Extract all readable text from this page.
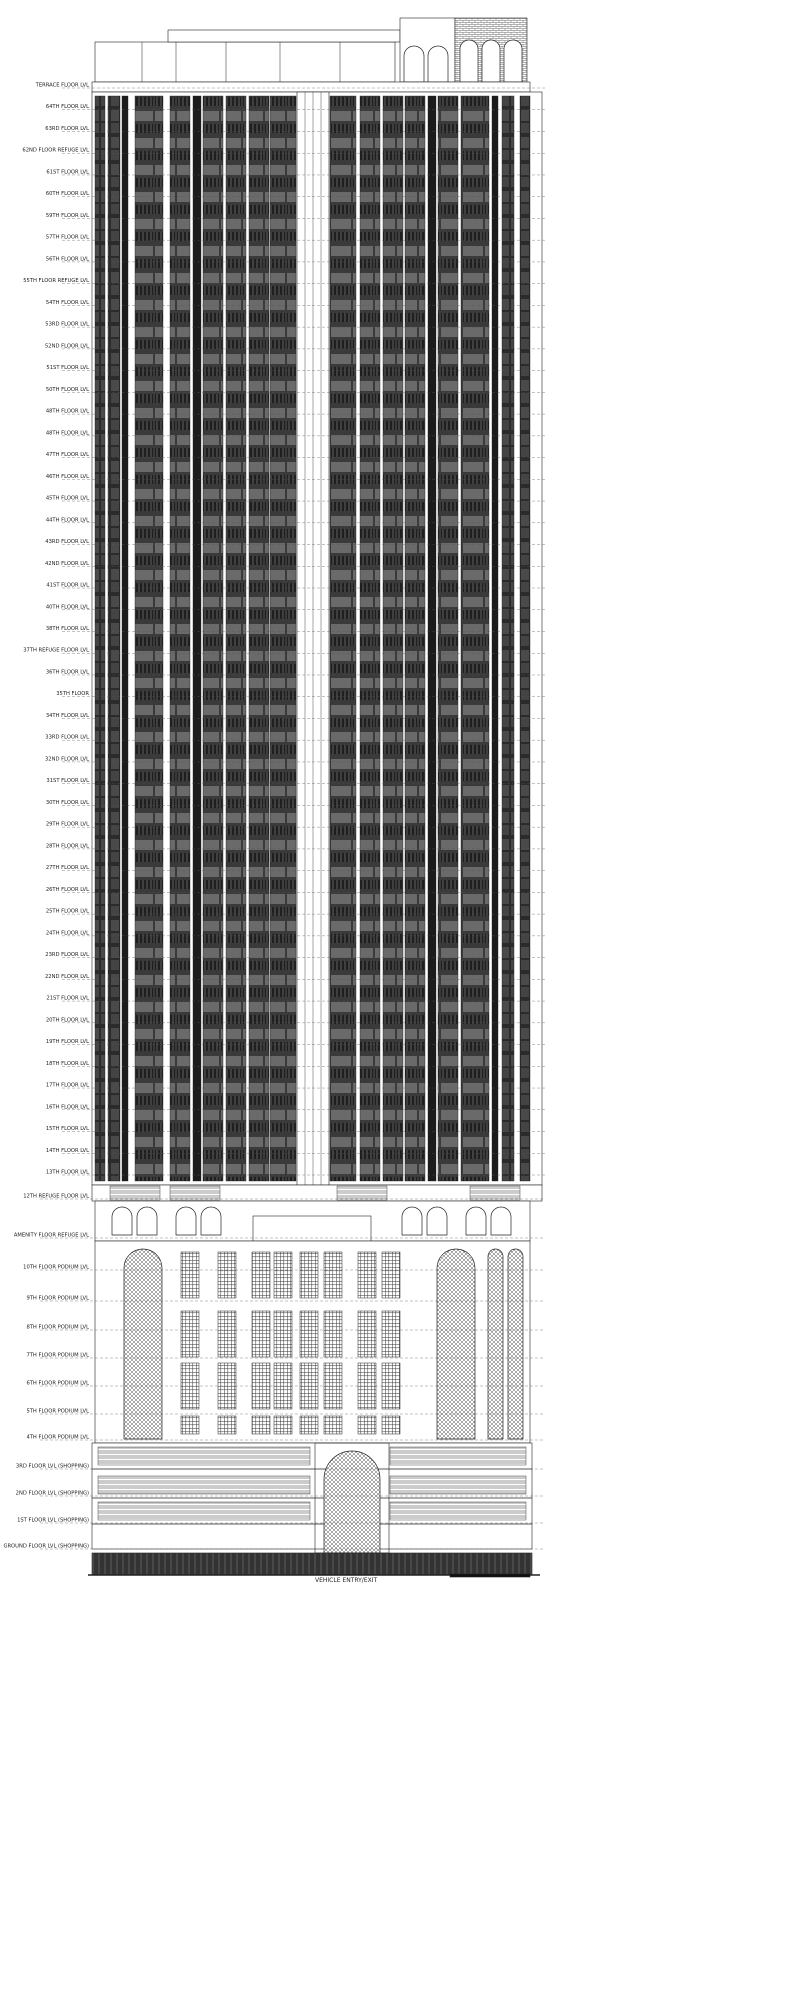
TERRACE FLOOR LVL
64TH FLOOR LVL
63RD FLOOR LVL
62ND FLOOR REFUGE LVL
61ST FLOOR LVL
60TH FLOOR LVL
59TH FLOOR LVL
57TH FLOOR LVL
56TH FLOOR LVL
55TH FLOOR REFUGE LVL
54TH FLOOR LVL
53RD FLOOR LVL
52ND FLOOR LVL
51ST FLOOR LVL
50TH FLOOR LVL
48TH FLOOR LVL
48TH FLOOR LVL
47TH FLOOR LVL
46TH FLOOR LVL
45TH FLOOR LVL
44TH FLOOR LVL
43RD FLOOR LVL
42ND FLOOR LVL
41ST FLOOR LVL
40TH FLOOR LVL
38TH FLOOR LVL
37TH REFUGE FLOOR LVL
36TH FLOOR LVL
35TH FLOOR
34TH FLOOR LVL
33RD FLOOR LVL
32ND FLOOR LVL
31ST FLOOR LVL
30TH FLOOR LVL
29TH FLOOR LVL
28TH FLOOR LVL
27TH FLOOR LVL
26TH FLOOR LVL
25TH FLOOR LVL
24TH FLOOR LVL
23RD FLOOR LVL
22ND FLOOR LVL
21ST FLOOR LVL
20TH FLOOR LVL
19TH FLOOR LVL
18TH FLOOR LVL
17TH FLOOR LVL
16TH FLOOR LVL
15TH FLOOR LVL
14TH FLOOR LVL
13TH FLOOR LVL
12TH REFUGE FLOOR LVL
AMENITY FLOOR REFUGE LVL
10TH FLOOR PODIUM LVL
9TH FLOOR PODIUM LVL
8TH FLOOR PODIUM LVL
7TH FLOOR PODIUM LVL
6TH FLOOR PODIUM LVL
5TH FLOOR PODIUM LVL
4TH FLOOR PODIUM LVL
3RD FLOOR LVL (SHOPPING)
2ND FLOOR LVL (SHOPPING)
1ST FLOOR LVL (SHOPPING)
GROUND FLOOR LVL (SHOPPING)
VEHICLE ENTRY/EXIT
